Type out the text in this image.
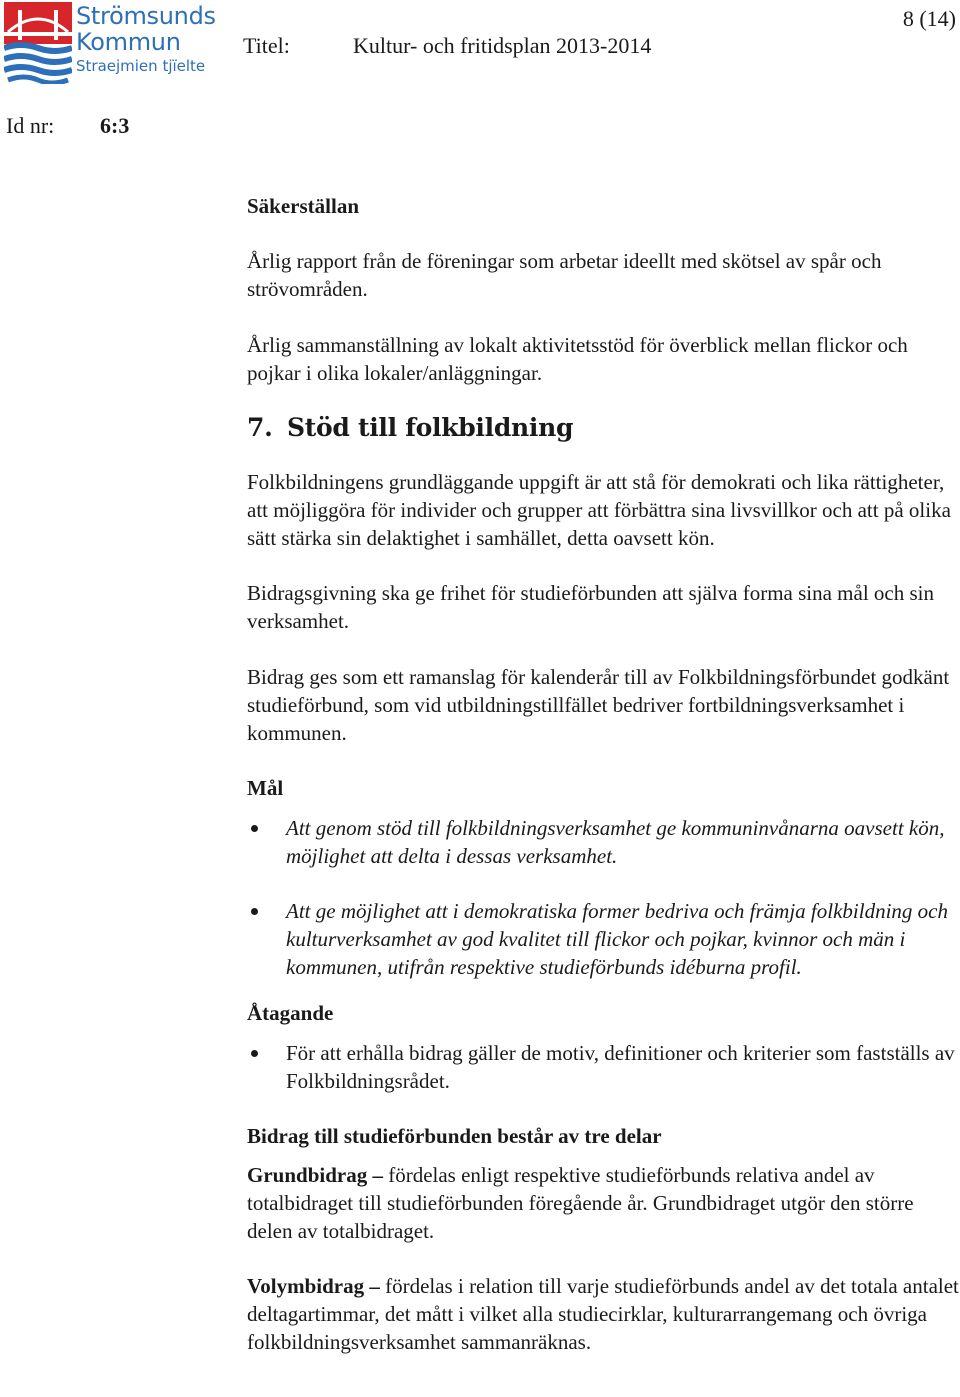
Strömsunds
Kommun
Straejmien tjïelte
8 (14)
Titel:	Kultur- och fritidsplan 2013-2014
Id nr: 6:3

Säkerställan

Årlig rapport från de föreningar som arbetar ideellt med skötsel av spår och strövområden.

Årlig sammanställning av lokalt aktivitetsstöd för överblick mellan flickor och pojkar i olika lokaler/anläggningar.

7. Stöd till folkbildning

Folkbildningens grundläggande uppgift är att stå för demokrati och lika rättigheter, att möjliggöra för individer och grupper att förbättra sina livsvillkor och att på olika sätt stärka sin delaktighet i samhället, detta oavsett kön.

Bidragsgivning ska ge frihet för studieförbunden att själva forma sina mål och sin verksamhet.

Bidrag ges som ett ramanslag för kalenderår till av Folkbildningsförbundet godkänt studieförbund, som vid utbildningstillfället bedriver fortbildningsverksamhet i kommunen.

Mål

Att genom stöd till folkbildningsverksamhet ge kommuninvånarna oavsett kön, möjlighet att delta i dessas verksamhet.
Att ge möjlighet att i demokratiska former bedriva och främja folkbildning och kulturverksamhet av god kvalitet till flickor och pojkar, kvinnor och män i kommunen, utifrån respektive studieförbunds idéburna profil.

Åtagande

För att erhålla bidrag gäller de motiv, definitioner och kriterier som fastställs av Folkbildningsrådet.

Bidrag till studieförbunden består av tre delar

Grundbidrag – fördelas enligt respektive studieförbunds relativa andel av totalbidraget till studieförbunden föregående år. Grundbidraget utgör den större delen av totalbidraget.

Volymbidrag – fördelas i relation till varje studieförbunds andel av det totala antalet deltagartimmar, det mått i vilket alla studiecirklar, kulturarrangemang och övriga folkbildningsverksamhet sammanräknas.
